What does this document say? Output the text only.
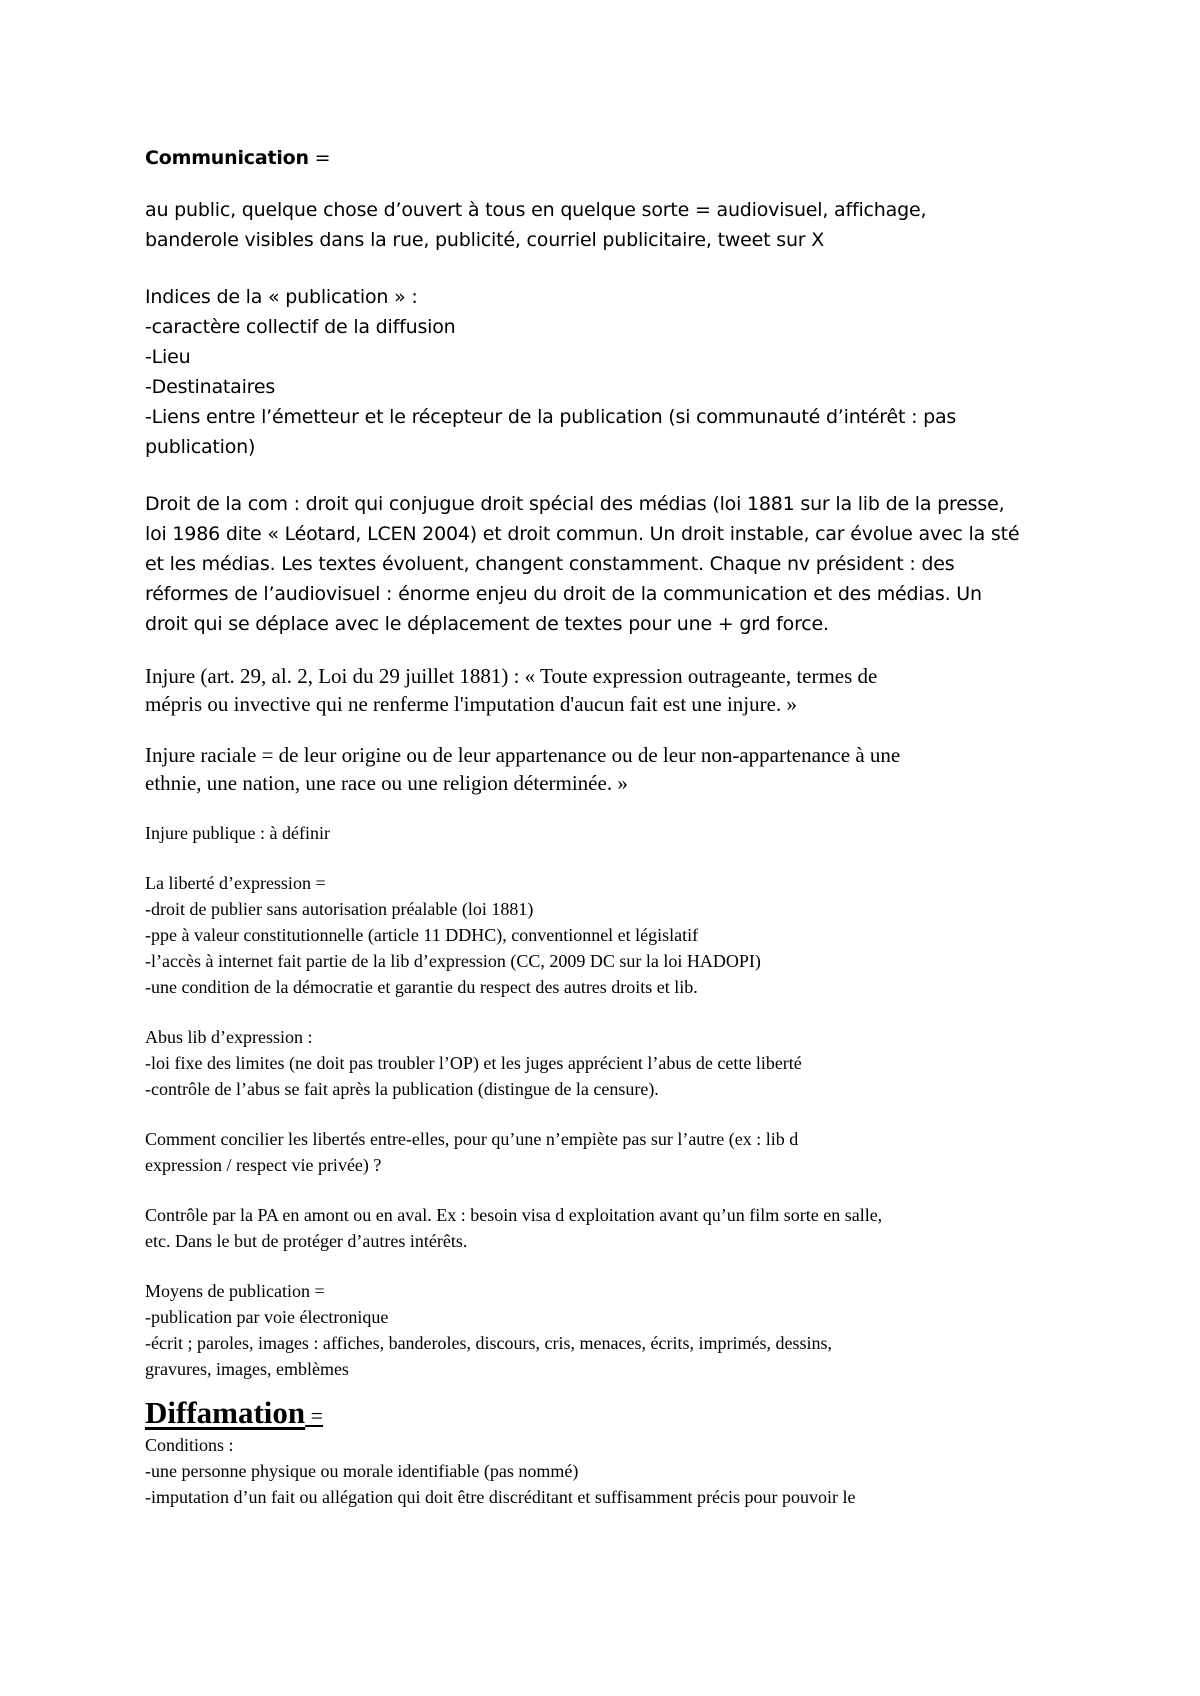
Communication =
au public, quelque chose d’ouvert à tous en quelque sorte = audiovisuel, affichage,
banderole visibles dans la rue, publicité, courriel publicitaire, tweet sur X
Indices de la « publication » :
-caractère collectif de la diffusion
-Lieu
-Destinataires
-Liens entre l’émetteur et le récepteur de la publication (si communauté d’intérêt : pas
publication)
Droit de la com : droit qui conjugue droit spécial des médias (loi 1881 sur la lib de la presse,
loi 1986 dite « Léotard, LCEN 2004) et droit commun. Un droit instable, car évolue avec la sté
et les médias. Les textes évoluent, changent constamment. Chaque nv président : des
réformes de l’audiovisuel : énorme enjeu du droit de la communication et des médias. Un
droit qui se déplace avec le déplacement de textes pour une + grd force.
Injure (art. 29, al. 2, Loi du 29 juillet 1881) : « Toute expression outrageante, termes de
mépris ou invective qui ne renferme l'imputation d'aucun fait est une injure. »
Injure raciale = de leur origine ou de leur appartenance ou de leur non-appartenance à une
ethnie, une nation, une race ou une religion déterminée. »
Injure publique : à définir
La liberté d’expression =
-droit de publier sans autorisation préalable (loi 1881)
-ppe à valeur constitutionnelle (article 11 DDHC), conventionnel et législatif
-l’accès à internet fait partie de la lib d’expression (CC, 2009 DC sur la loi HADOPI)
-une condition de la démocratie et garantie du respect des autres droits et lib.
Abus lib d’expression :
-loi fixe des limites (ne doit pas troubler l’OP) et les juges apprécient l’abus de cette liberté
-contrôle de l’abus se fait après la publication (distingue de la censure).
Comment concilier les libertés entre-elles, pour qu’une n’empiète pas sur l’autre (ex : lib d
expression / respect vie privée) ?
Contrôle par la PA en amont ou en aval. Ex : besoin visa d exploitation avant qu’un film sorte en salle,
etc. Dans le but de protéger d’autres intérêts.
Moyens de publication =
-publication par voie électronique
-écrit ; paroles, images : affiches, banderoles, discours, cris, menaces, écrits, imprimés, dessins,
gravures, images, emblèmes
Diffamation =
Conditions :
-une personne physique ou morale identifiable (pas nommé)
-imputation d’un fait ou allégation qui doit être discréditant et suffisamment précis pour pouvoir le
